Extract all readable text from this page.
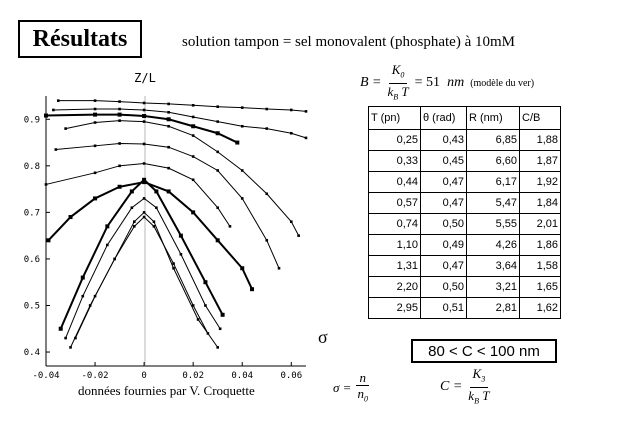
Résultats	solution tampon = sel monovalent (phosphate) à 10mM
Z/L
σ
-0.04 -0.02	0	0.02	0.04	0.06
0.4
0.5
0.6
0.7
0.8
0.9
données fournies par V. Croquette
$B = \frac{K_0}{k_B T} = 51$
nm (modèle du ver)
T (pn)	θ (rad)	R (nm)	C/B
0,25	0,43	6,85	1,88
0,33	0,45	6,60	1,87
0,44	0,47	6,17	1,92
0,57	0,47	5,47	1,84
0,74	0,50	5,55	2,01
1,10	0,49	4,26	1,86
1,31	0,47	3,64	1,58
2,20	0,50	3,21	1,65
2,95	0,51	2,81	1,62
80 < C < 100 nm
$\sigma = \frac{n}{n_0}$	$C = \frac{K_3}{k_B T}$
